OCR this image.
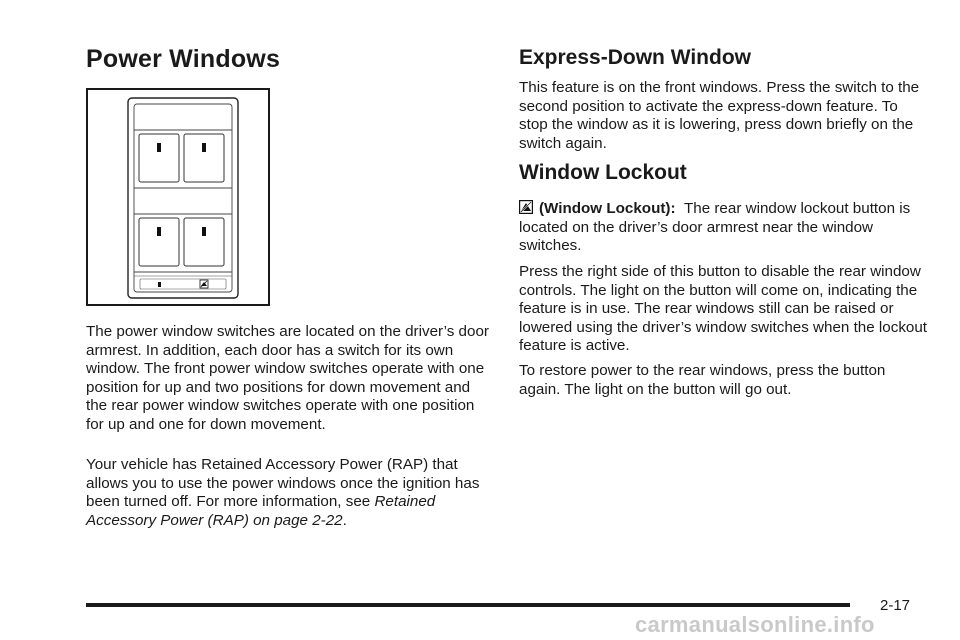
Power Windows

The power window switches are located on the driver’s door armrest. In addition, each door has a switch for its own window. The front power window switches operate with one position for up and two positions for down movement and the rear power window switches operate with one position for up and one for down movement.

Your vehicle has Retained Accessory Power (RAP) that allows you to use the power windows once the ignition has been turned off. For more information, see Retained Accessory Power (RAP) on page 2-22.

Express-Down Window

This feature is on the front windows. Press the switch to the second position to activate the express-down feature. To stop the window as it is lowering, press down briefly on the switch again.

Window Lockout

(Window Lockout): The rear window lockout button is located on the driver’s door armrest near the window switches.

Press the right side of this button to disable the rear window controls. The light on the button will come on, indicating the feature is in use. The rear windows still can be raised or lowered using the driver’s window switches when the lockout feature is active.

To restore power to the rear windows, press the button again. The light on the button will go out.

2-17
carmanualsonline.info
